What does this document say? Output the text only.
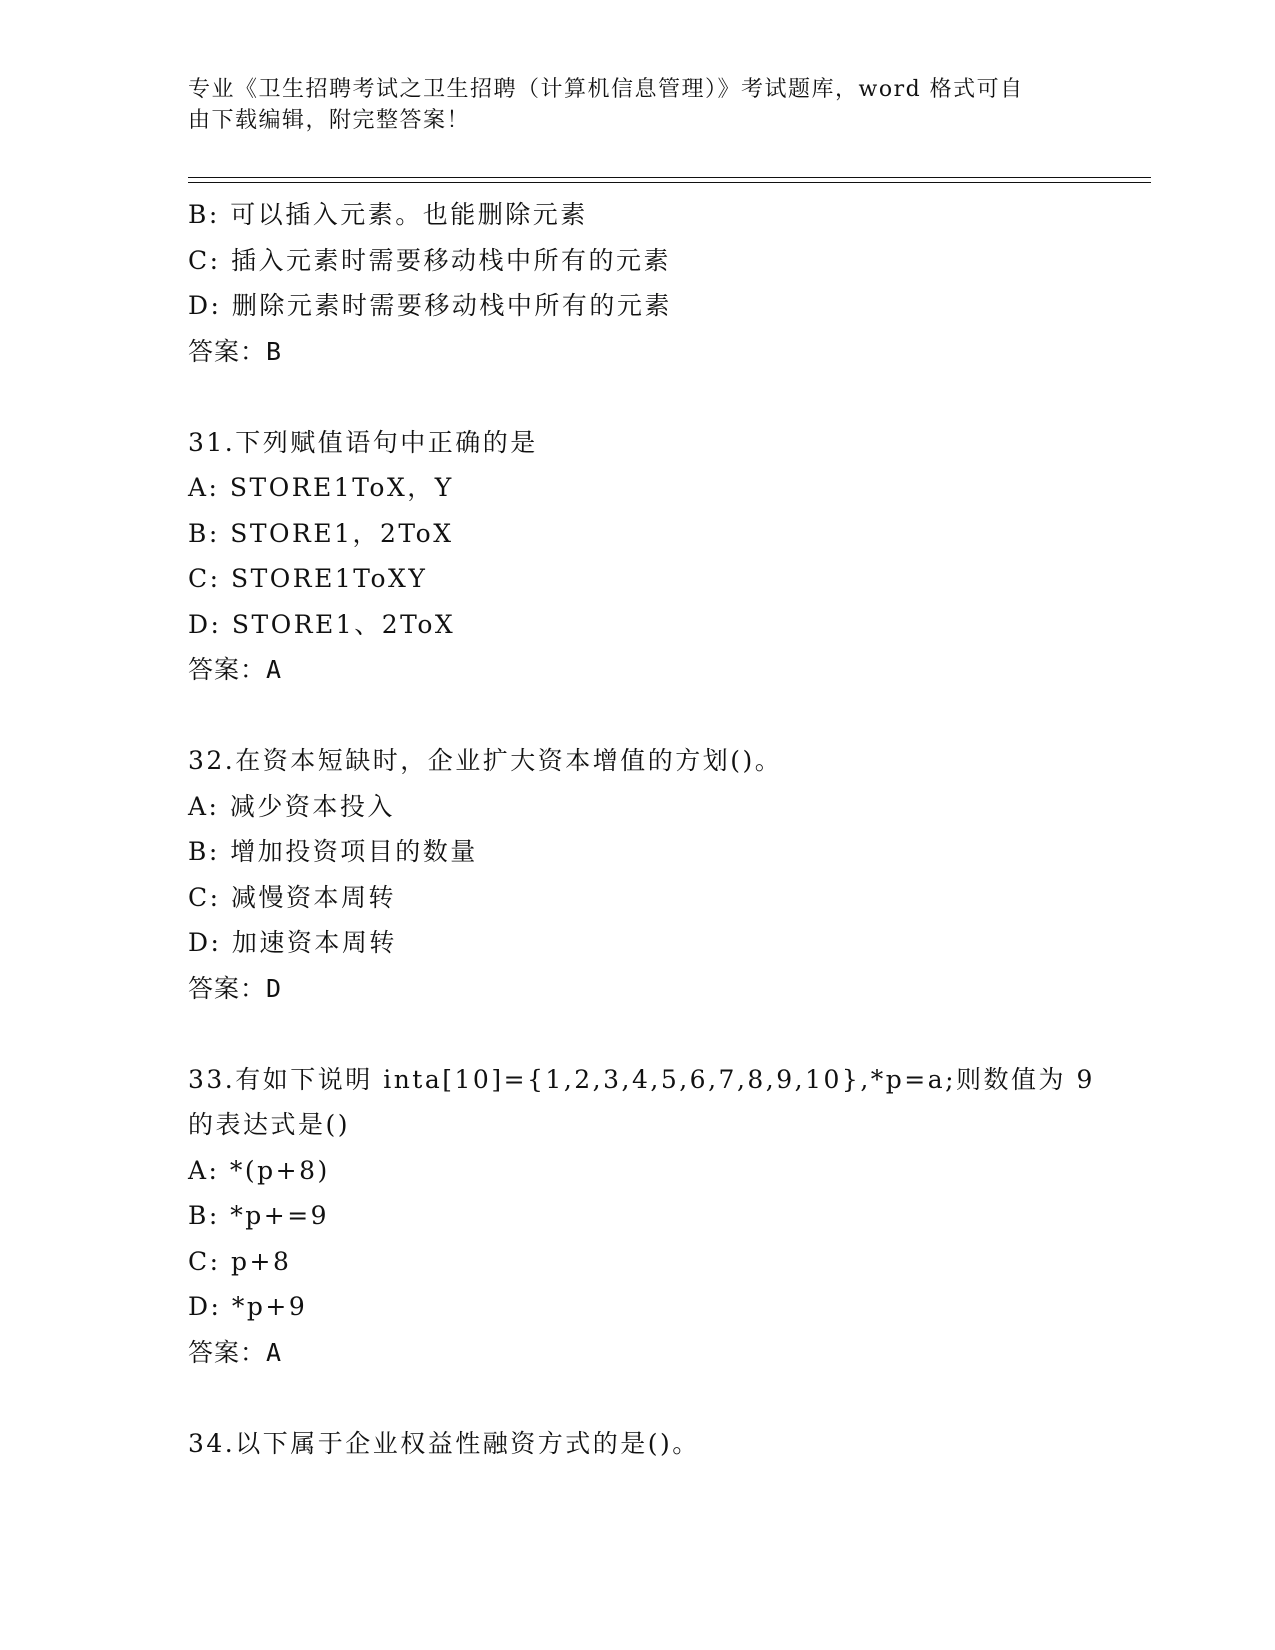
专业《卫生招聘考试之卫生招聘（计算机信息管理）》考试题库，word 格式可自
由下载编辑，附完整答案！
B: 可以插入元素。也能删除元素
C: 插入元素时需要移动栈中所有的元素
D: 删除元素时需要移动栈中所有的元素
答案：B
31.下列赋值语句中正确的是
A: STORE1ToX，Y
B: STORE1，2ToX
C: STORE1ToXY
D: STORE1、2ToX
答案：A
32.在资本短缺时，企业扩大资本增值的方划()。
A: 减少资本投入
B: 增加投资项目的数量
C: 减慢资本周转
D: 加速资本周转
答案：D
33.有如下说明 inta[10]={1,2,3,4,5,6,7,8,9,10},*p=a;则数值为 9
的表达式是()
A: *(p+8)
B: *p+=9
C: p+8
D: *p+9
答案：A
34.以下属于企业权益性融资方式的是()。
